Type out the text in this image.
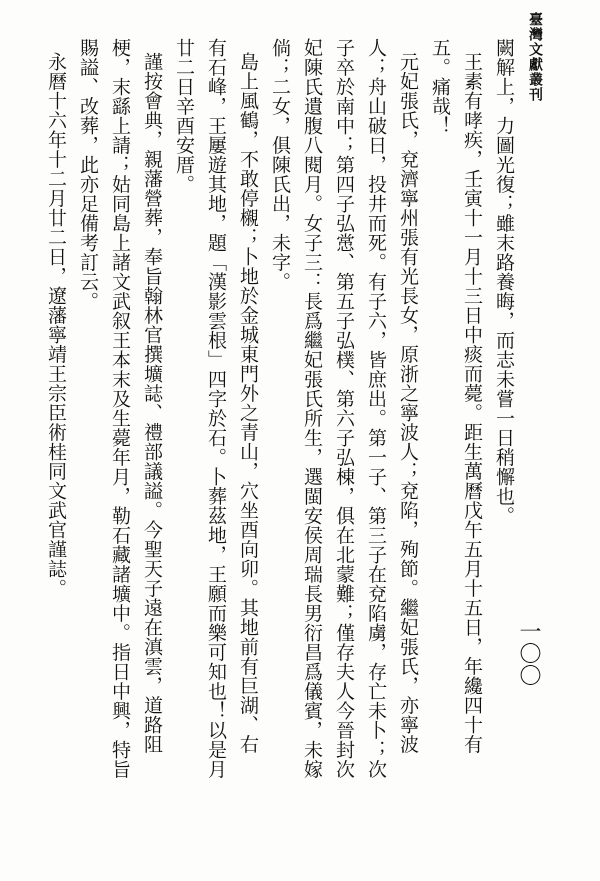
臺灣文獻叢刊
一〇〇

闕解上，力圖光復；雖末路養晦，而志未嘗一日稍懈也。

王素有哮疾，壬寅十一月十三日中痰而薨。距生萬曆戊午五月十五日，年纔四十有

五。痛哉！

元妃張氏，兗濟寧州張有光長女，原浙之寧波人；兗陷，殉節。繼妃張氏，亦寧波

人；舟山破日，投井而死。有子六，皆庶出。第一子、第三子在兗陷虜，存亡未卜；次

子卒於南中；第四子弘㦂、第五子弘樸、第六子弘棟，俱在北蒙難；僅存夫人今晉封次

妃陳氏遺腹八閱月。女子三：長爲繼妃張氏所生，選閩安侯周瑞長男衍昌爲儀賓，未嫁

倘；二女，俱陳氏出，未字。

島上風鶴，不敢停櫬；卜地於金城東門外之青山，穴坐酉向卯。其地前有巨湖、右

有石峰，王屢遊其地，題「漢影雲根」四字於石。卜葬茲地，王願而樂可知也！以是月

廿二日辛酉安厝。

謹按會典，親藩營葬，奉旨翰林官撰壙誌、禮部議謚。今聖天子遠在滇雲，道路阻

梗，末繇上請；姑同島上諸文武叙王本末及生薨年月，勒石藏諸壙中。指日中興，特旨

賜謚、改葬，此亦足備考訂云。

永曆十六年十二月廿二日，遼藩寧靖王宗臣術桂同文武官謹誌。
